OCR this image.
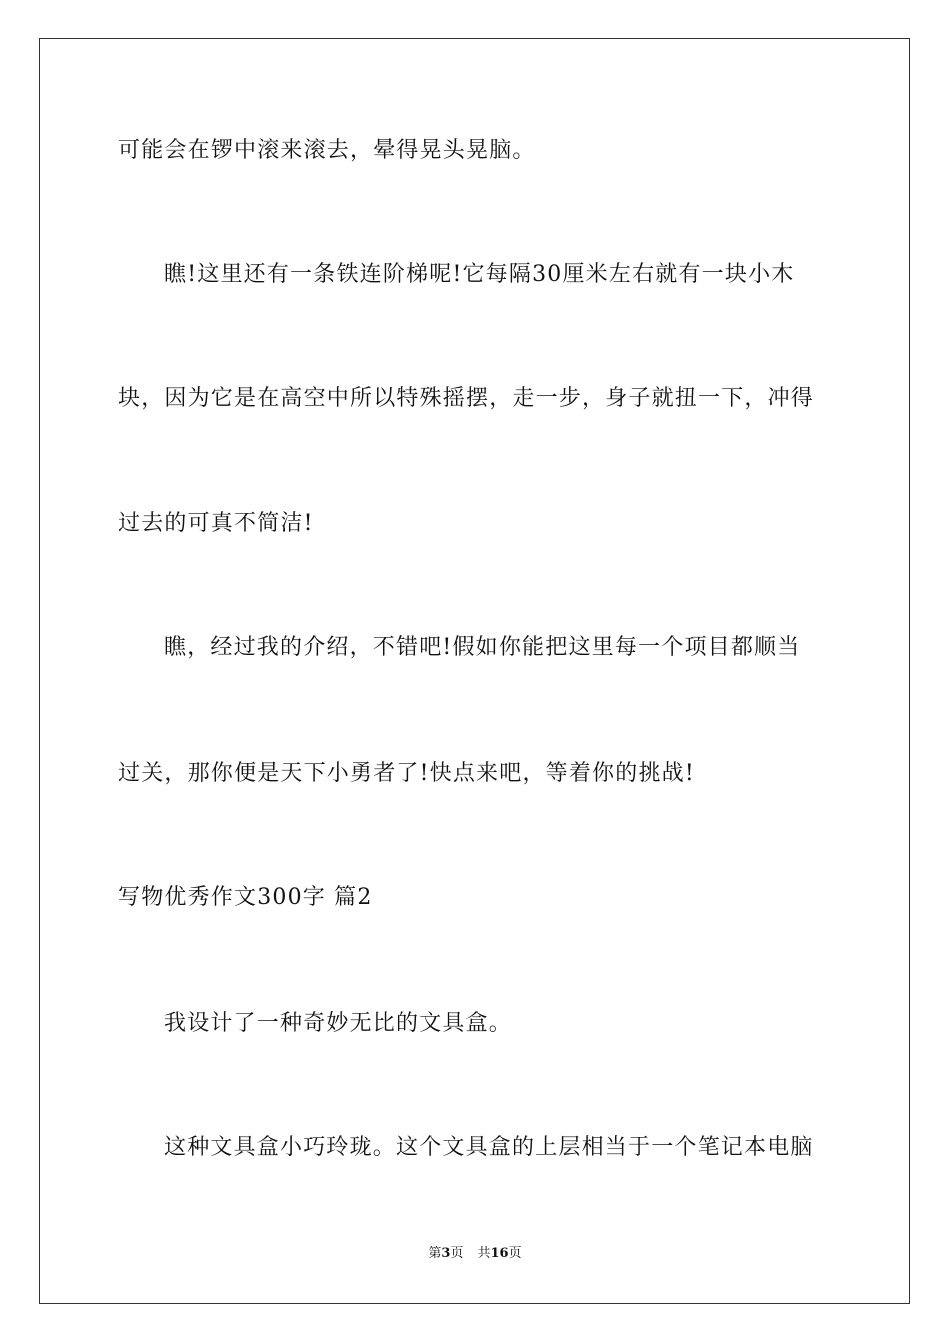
可能会在锣中滚来滚去，晕得晃头晃脑。
瞧!这里还有一条铁连阶梯呢!它每隔30厘米左右就有一块小木
块，因为它是在高空中所以特殊摇摆，走一步，身子就扭一下，冲得
过去的可真不简洁!
瞧，经过我的介绍，不错吧!假如你能把这里每一个项目都顺当
过关，那你便是天下小勇者了!快点来吧，等着你的挑战!
写物优秀作文300字 篇2
我设计了一种奇妙无比的文具盒。
这种文具盒小巧玲珑。这个文具盒的上层相当于一个笔记本电脑
第3页 共16页
